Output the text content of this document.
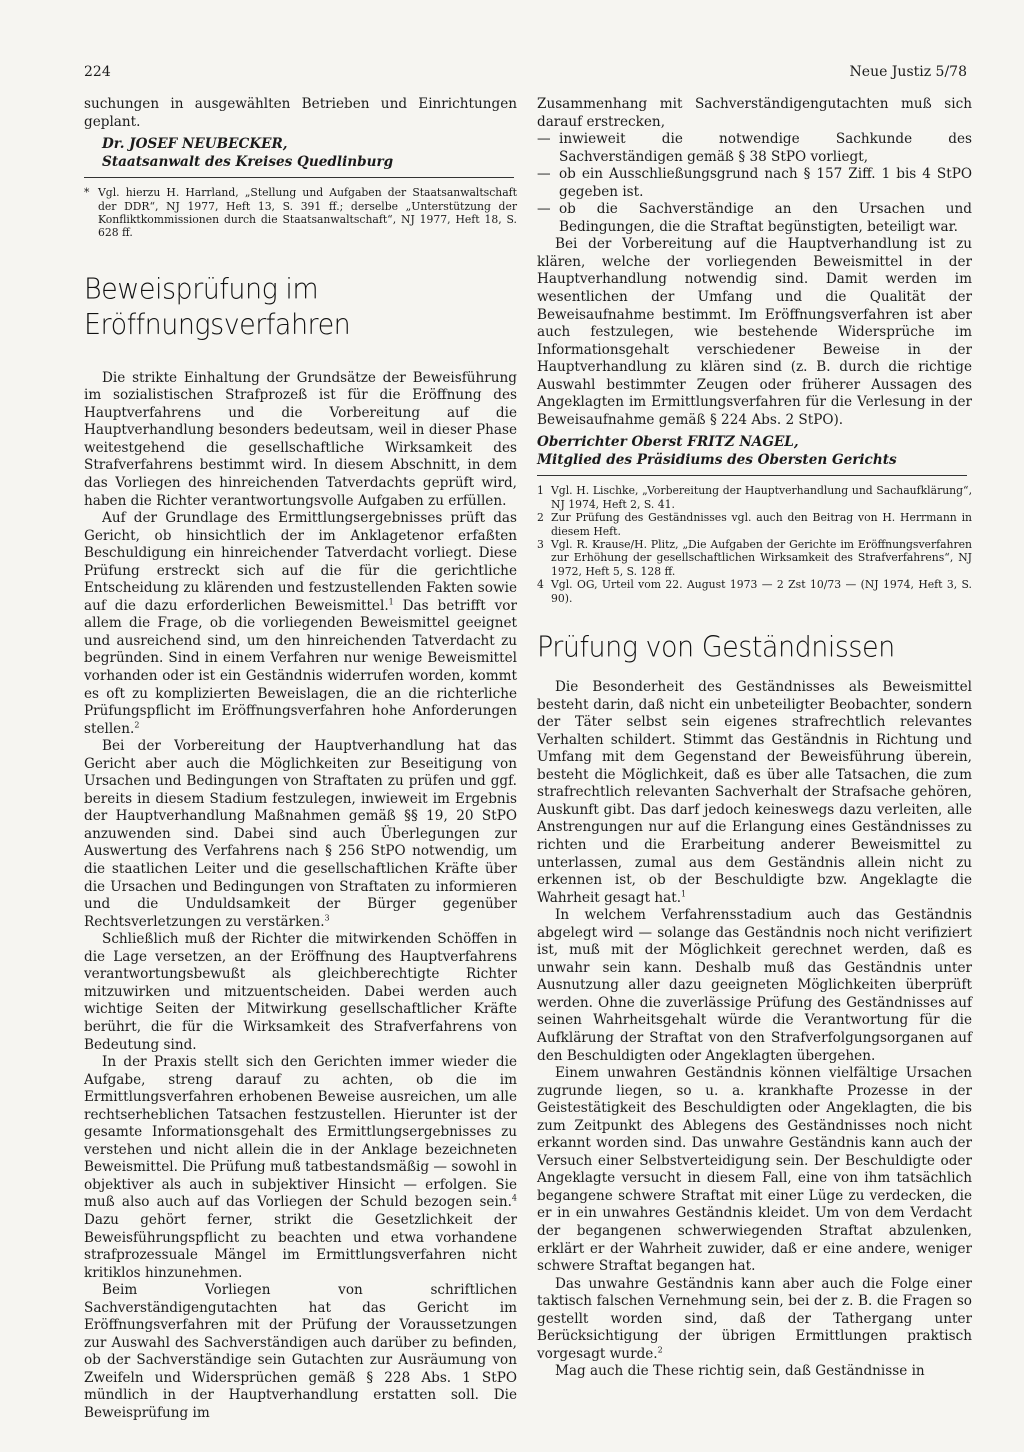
224	Neue Justiz 5/78

suchungen in ausgewählten Betrieben und Einrichtungen geplant.

Dr. JOSEF NEUBECKER,
Staatsanwalt des Kreises Quedlinburg
* Vgl. hierzu H. Harrland, „Stellung und Aufgaben der Staatsanwaltschaft der DDR“, NJ 1977, Heft 13, S. 391 ff.; derselbe „Unterstützung der Konfliktkommissionen durch die Staatsanwaltschaft“, NJ 1977, Heft 18, S. 628 ff.
Beweisprüfung im Eröffnungsverfahren

Die strikte Einhaltung der Grundsätze der Beweisführung im sozialistischen Strafprozeß ist für die Eröffnung des Hauptverfahrens und die Vorbereitung auf die Hauptverhandlung besonders bedeutsam, weil in dieser Phase weitestgehend die gesellschaftliche Wirksamkeit des Strafverfahrens bestimmt wird. In diesem Abschnitt, in dem das Vorliegen des hinreichenden Tatverdachts geprüft wird, haben die Richter verantwortungsvolle Aufgaben zu erfüllen.

Auf der Grundlage des Ermittlungsergebnisses prüft das Gericht, ob hinsichtlich der im Anklagetenor erfaßten Beschuldigung ein hinreichender Tatverdacht vorliegt. Diese Prüfung erstreckt sich auf die für die gerichtliche Entscheidung zu klärenden und festzustellenden Fakten sowie auf die dazu erforderlichen Beweismittel.$^1$ Das betrifft vor allem die Frage, ob die vorliegenden Beweismittel geeignet und ausreichend sind, um den hinreichenden Tatverdacht zu begründen. Sind in einem Verfahren nur wenige Beweismittel vorhanden oder ist ein Geständnis widerrufen worden, kommt es oft zu komplizierten Beweislagen, die an die richterliche Prüfungspflicht im Eröffnungsverfahren hohe Anforderungen stellen.$^2$

Bei der Vorbereitung der Hauptverhandlung hat das Gericht aber auch die Möglichkeiten zur Beseitigung von Ursachen und Bedingungen von Straftaten zu prüfen und ggf. bereits in diesem Stadium festzulegen, inwieweit im Ergebnis der Hauptverhandlung Maßnahmen gemäß §§ 19, 20 StPO anzuwenden sind. Dabei sind auch Überlegungen zur Auswertung des Verfahrens nach § 256 StPO notwendig, um die staatlichen Leiter und die gesellschaftlichen Kräfte über die Ursachen und Bedingungen von Straftaten zu informieren und die Unduldsamkeit der Bürger gegenüber Rechtsverletzungen zu verstärken.$^3$

Schließlich muß der Richter die mitwirkenden Schöffen in die Lage versetzen, an der Eröffnung des Hauptverfahrens verantwortungsbewußt als gleichberechtigte Richter mitzuwirken und mitzuentscheiden. Dabei werden auch wichtige Seiten der Mitwirkung gesellschaftlicher Kräfte berührt, die für die Wirksamkeit des Strafverfahrens von Bedeutung sind.

In der Praxis stellt sich den Gerichten immer wieder die Aufgabe, streng darauf zu achten, ob die im Ermittlungsverfahren erhobenen Beweise ausreichen, um alle rechtserheblichen Tatsachen festzustellen. Hierunter ist der gesamte Informationsgehalt des Ermittlungsergebnisses zu verstehen und nicht allein die in der Anklage bezeichneten Beweismittel. Die Prüfung muß tatbestandsmäßig — sowohl in objektiver als auch in subjektiver Hinsicht — erfolgen. Sie muß also auch auf das Vorliegen der Schuld bezogen sein.$^4$ Dazu gehört ferner, strikt die Gesetzlichkeit der Beweisführungspflicht zu beachten und etwa vorhandene strafprozessuale Mängel im Ermittlungsverfahren nicht kritiklos hinzunehmen.

Beim Vorliegen von schriftlichen Sachverständigengutachten hat das Gericht im Eröffnungsverfahren mit der Prüfung der Voraussetzungen zur Auswahl des Sachverständigen auch darüber zu befinden, ob der Sachverständige sein Gutachten zur Ausräumung von Zweifeln und Widersprüchen gemäß § 228 Abs. 1 StPO mündlich in der Hauptverhandlung erstatten soll. Die Beweisprüfung im

Zusammenhang mit Sachverständigengutachten muß sich darauf erstrecken,

— inwieweit die notwendige Sachkunde des Sachverständigen gemäß § 38 StPO vorliegt,
— ob ein Ausschließungsgrund nach § 157 Ziff. 1 bis 4 StPO gegeben ist.
— ob die Sachverständige an den Ursachen und Bedingungen, die die Straftat begünstigten, beteiligt war.

Bei der Vorbereitung auf die Hauptverhandlung ist zu klären, welche der vorliegenden Beweismittel in der Hauptverhandlung notwendig sind. Damit werden im wesentlichen der Umfang und die Qualität der Beweisaufnahme bestimmt. Im Eröffnungsverfahren ist aber auch festzulegen, wie bestehende Widersprüche im Informationsgehalt verschiedener Beweise in der Hauptverhandlung zu klären sind (z. B. durch die richtige Auswahl bestimmter Zeugen oder früherer Aussagen des Angeklagten im Ermittlungsverfahren für die Verlesung in der Beweisaufnahme gemäß § 224 Abs. 2 StPO).

Oberrichter Oberst FRITZ NAGEL,
Mitglied des Präsidiums des Obersten Gerichts
1 Vgl. H. Lischke, „Vorbereitung der Hauptverhandlung und Sachaufklärung“, NJ 1974, Heft 2, S. 41.
2 Zur Prüfung des Geständnisses vgl. auch den Beitrag von H. Herrmann in diesem Heft.
3 Vgl. R. Krause/H. Plitz, „Die Aufgaben der Gerichte im Eröffnungsverfahren zur Erhöhung der gesellschaftlichen Wirksamkeit des Strafverfahrens“, NJ 1972, Heft 5, S. 128 ff.
4 Vgl. OG, Urteil vom 22. August 1973 — 2 Zst 10/73 — (NJ 1974, Heft 3, S. 90).
Prüfung von Geständnissen

Die Besonderheit des Geständnisses als Beweismittel besteht darin, daß nicht ein unbeteiligter Beobachter, sondern der Täter selbst sein eigenes strafrechtlich relevantes Verhalten schildert. Stimmt das Geständnis in Richtung und Umfang mit dem Gegenstand der Beweisführung überein, besteht die Möglichkeit, daß es über alle Tatsachen, die zum strafrechtlich relevanten Sachverhalt der Strafsache gehören, Auskunft gibt. Das darf jedoch keineswegs dazu verleiten, alle Anstrengungen nur auf die Erlangung eines Geständnisses zu richten und die Erarbeitung anderer Beweismittel zu unterlassen, zumal aus dem Geständnis allein nicht zu erkennen ist, ob der Beschuldigte bzw. Angeklagte die Wahrheit gesagt hat.$^1$

In welchem Verfahrensstadium auch das Geständnis abgelegt wird — solange das Geständnis noch nicht verifiziert ist, muß mit der Möglichkeit gerechnet werden, daß es unwahr sein kann. Deshalb muß das Geständnis unter Ausnutzung aller dazu geeigneten Möglichkeiten überprüft werden. Ohne die zuverlässige Prüfung des Geständnisses auf seinen Wahrheitsgehalt würde die Verantwortung für die Aufklärung der Straftat von den Strafverfolgungsorganen auf den Beschuldigten oder Angeklagten übergehen.

Einem unwahren Geständnis können vielfältige Ursachen zugrunde liegen, so u. a. krankhafte Prozesse in der Geistestätigkeit des Beschuldigten oder Angeklagten, die bis zum Zeitpunkt des Ablegens des Geständnisses noch nicht erkannt worden sind. Das unwahre Geständnis kann auch der Versuch einer Selbstverteidigung sein. Der Beschuldigte oder Angeklagte versucht in diesem Fall, eine von ihm tatsächlich begangene schwere Straftat mit einer Lüge zu verdecken, die er in ein unwahres Geständnis kleidet. Um von dem Verdacht der begangenen schwerwiegenden Straftat abzulenken, erklärt er der Wahrheit zuwider, daß er eine andere, weniger schwere Straftat begangen hat.

Das unwahre Geständnis kann aber auch die Folge einer taktisch falschen Vernehmung sein, bei der z. B. die Fragen so gestellt worden sind, daß der Tathergang unter Berücksichtigung der übrigen Ermittlungen praktisch vorgesagt wurde.$^2$

Mag auch die These richtig sein, daß Geständnisse in
